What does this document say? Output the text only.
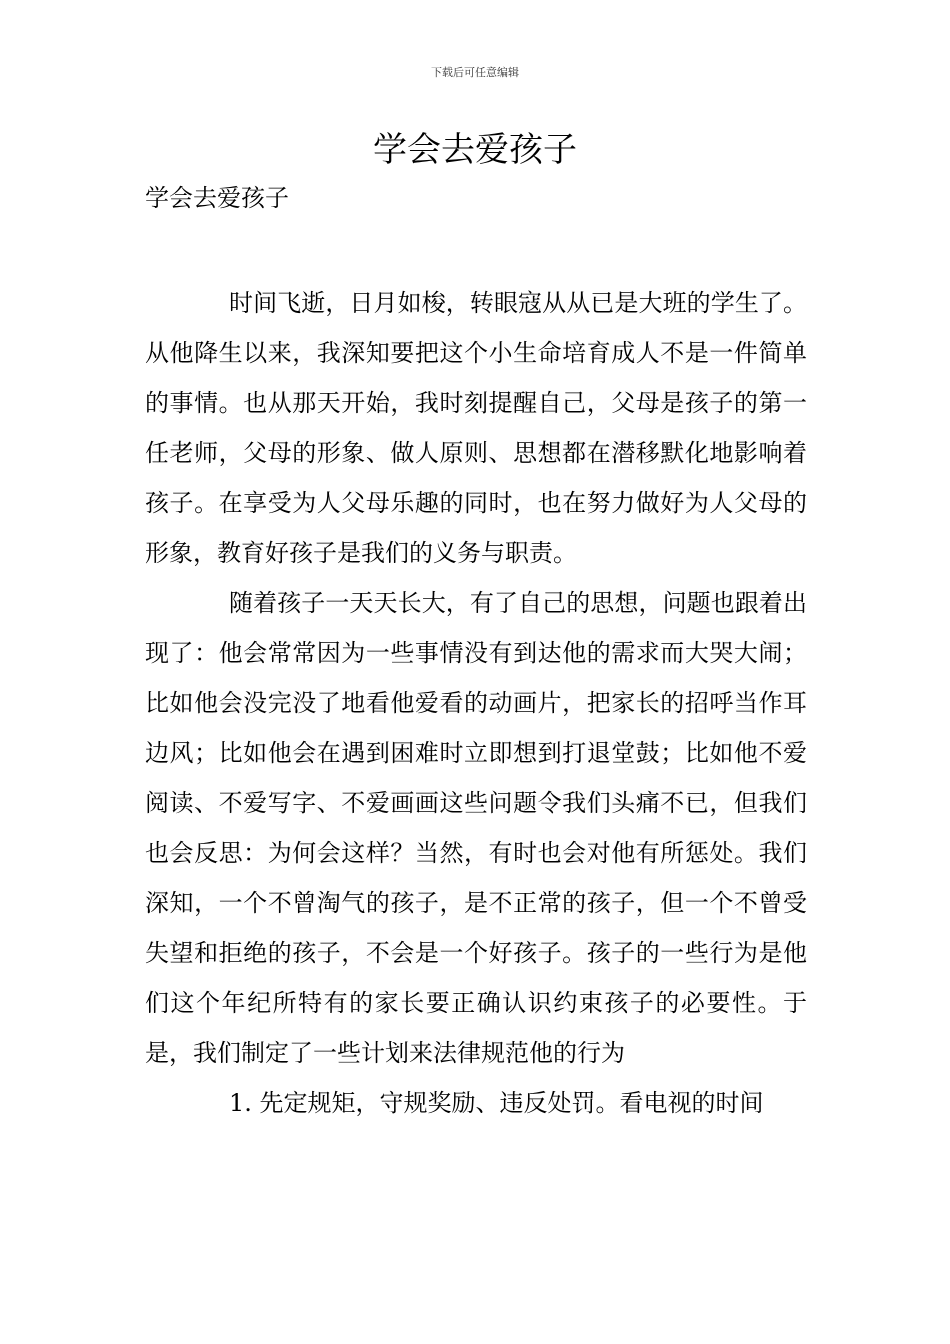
下载后可任意编辑
学会去爱孩子
学会去爱孩子

时间飞逝，日月如梭，转眼寇从从已是大班的学生了。从他降生以来，我深知要把这个小生命培育成人不是一件简单的事情。也从那天开始，我时刻提醒自己，父母是孩子的第一任老师，父母的形象、做人原则、思想都在潜移默化地影响着孩子。在享受为人父母乐趣的同时，也在努力做好为人父母的形象，教育好孩子是我们的义务与职责。

随着孩子一天天长大，有了自己的思想，问题也跟着出现了：他会常常因为一些事情没有到达他的需求而大哭大闹；比如他会没完没了地看他爱看的动画片，把家长的招呼当作耳边风；比如他会在遇到困难时立即想到打退堂鼓；比如他不爱阅读、不爱写字、不爱画画这些问题令我们头痛不已，但我们也会反思：为何会这样？当然，有时也会对他有所惩处。我们深知，一个不曾淘气的孩子，是不正常的孩子，但一个不曾受失望和拒绝的孩子，不会是一个好孩子。孩子的一些行为是他们这个年纪所特有的家长要正确认识约束孩子的必要性。于是，我们制定了一些计划来法律规范他的行为

1. 先定规矩，守规奖励、违反处罚。看电视的时间
